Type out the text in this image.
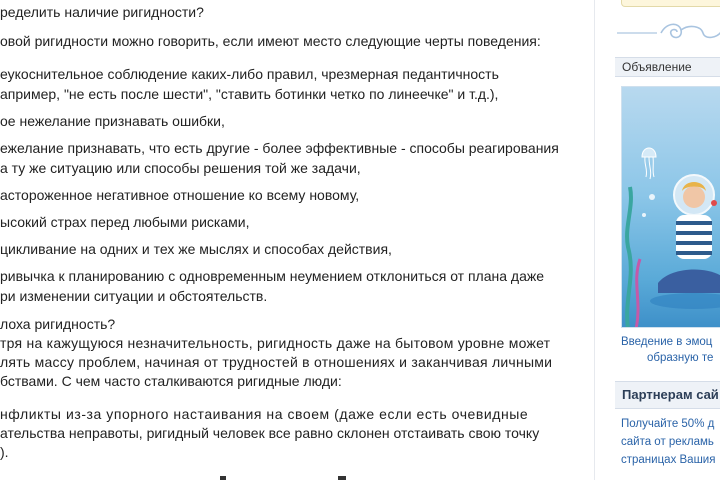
ределить наличие ригидности?

овой ригидности можно говорить, если имеют место следующие черты поведения:

еукоснительное соблюдение каких-либо правил, чрезмерная педантичность

апример, "не есть после шести", "ставить ботинки четко по линеечке" и т.д.),

ое нежелание признавать ошибки,

ежелание признавать, что есть другие - более эффективные - способы реагирования

а ту же ситуацию или способы решения той же задачи,

астороженное негативное отношение ко всему новому,

ысокий страх перед любыми рисками,

цикливание на одних и тех же мыслях и способах действия,

ривычка к планированию с одновременным неумением отклониться от плана даже

ри изменении ситуации и обстоятельств.

лоха ригидность?

тря на кажущуюся незначительность, ригидность даже на бытовом уровне может

лять массу проблем, начиная от трудностей в отношениях и заканчивая личными

бствами. С чем часто сталкиваются ригидные люди:

нфликты из-за упорного настаивания на своем (даже если есть очевидные

ательства неправоты, ригидный человек все равно склонен отстаивать свою точку

).

Объявление
Введение в эмоц
образную те
Партнерам сай
Получайте 50% д
сайта от рекламь
страницах Вашия
